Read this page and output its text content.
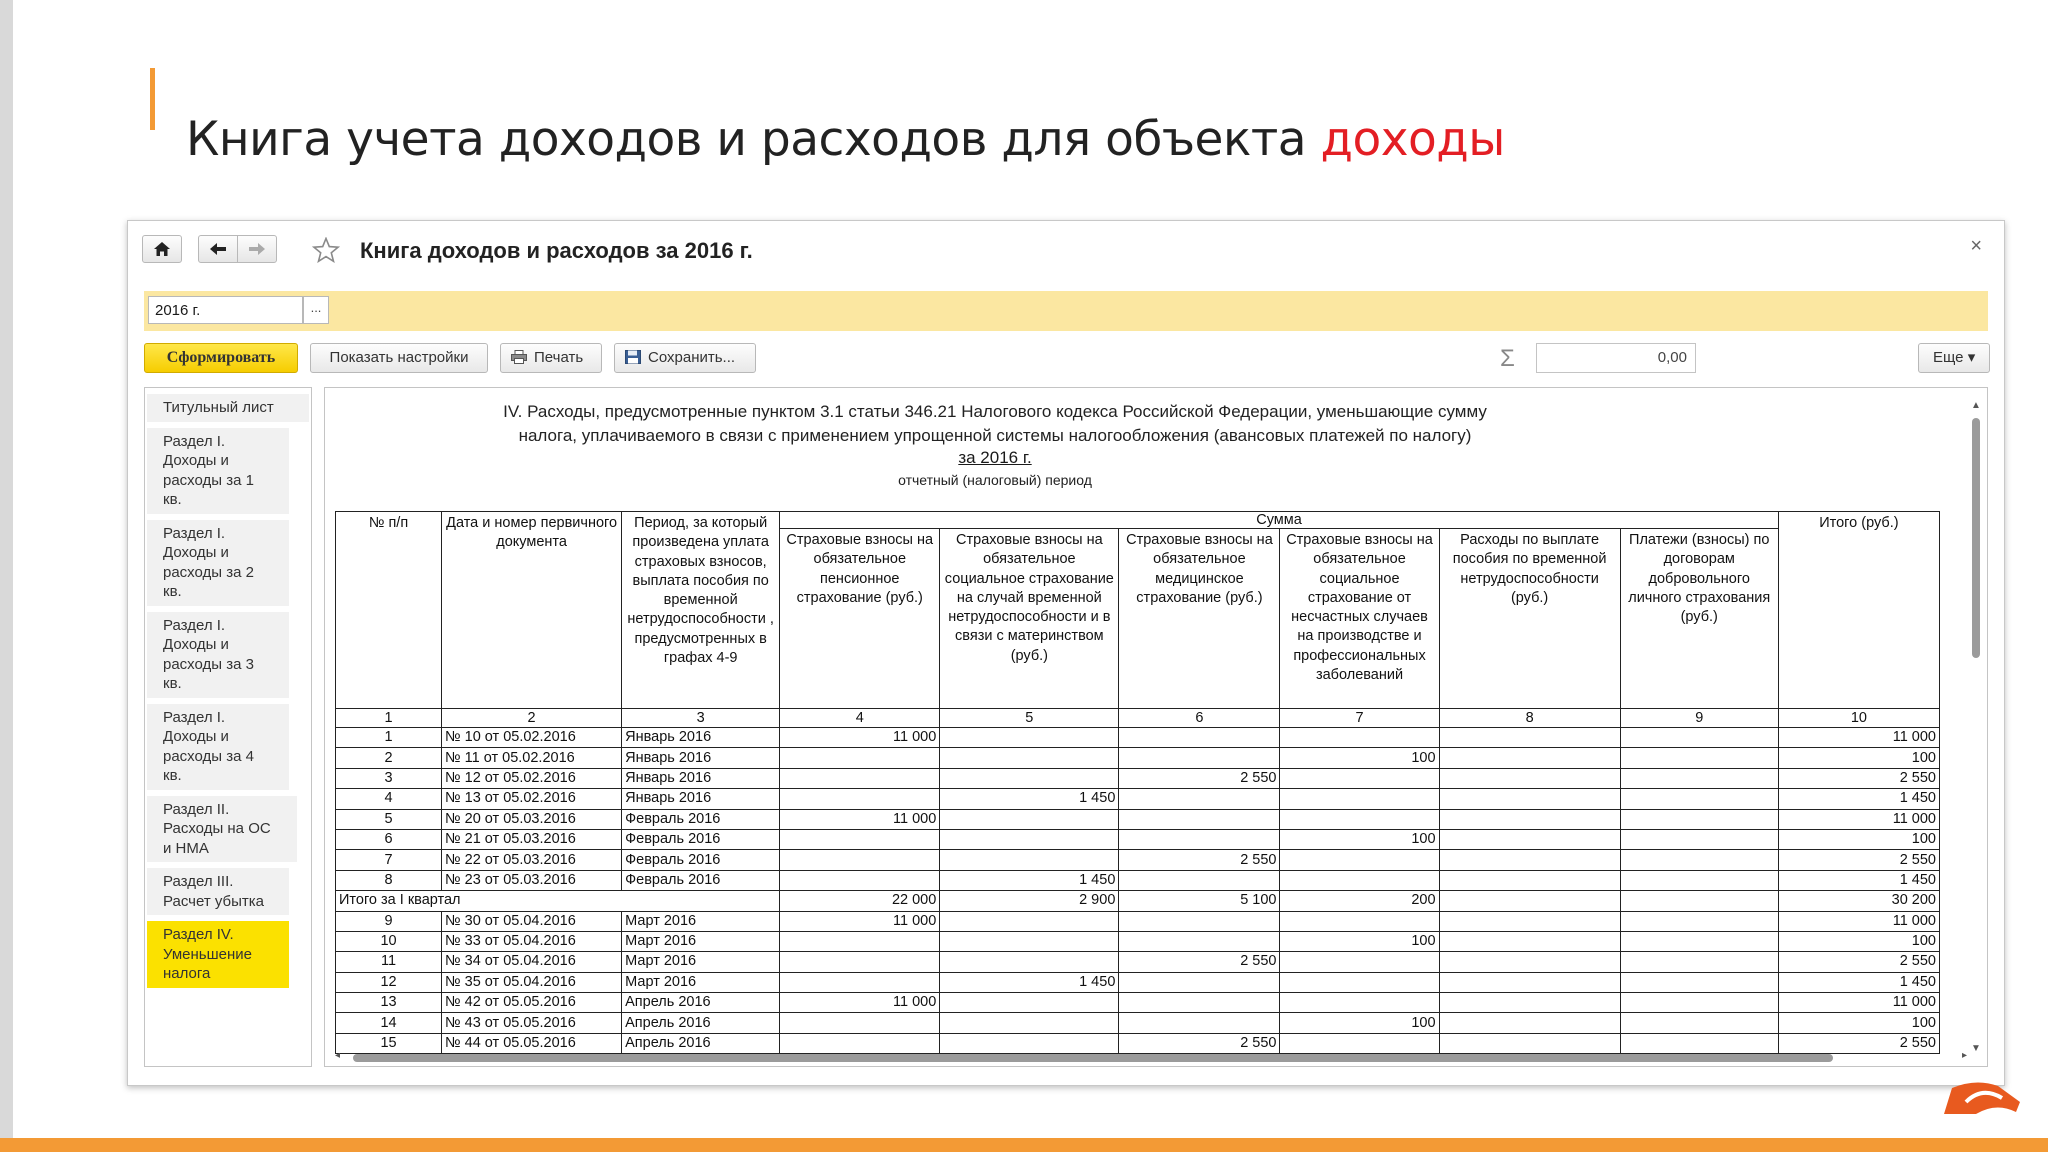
Книга учета доходов и расходов для объекта доходы
Книга доходов и расходов за 2016 г.	×
2016 г.	...
Сформировать	Показать настройки	Печать	Сохранить...	Σ	0,00	Еще ▾
Титульный лист
Раздел I. Доходы и расходы за 1 кв.
Раздел I. Доходы и расходы за 2 кв.
Раздел I. Доходы и расходы за 3 кв.
Раздел I. Доходы и расходы за 4 кв.
Раздел II. Расходы на ОС и НМА
Раздел III. Расчет убытка
Раздел IV. Уменьшение налога
IV. Расходы, предусмотренные пунктом 3.1 статьи 346.21 Налогового кодекса Российской Федерации, уменьшающие сумму
налога, уплачиваемого в связи с применением упрощенной системы налогообложения (авансовых платежей по налогу)
за 2016 г.
отчетный (налоговый) период
№ п/п	Дата и номер первичного документа	Период, за который произведена уплата страховых взносов, выплата пособия по временной нетрудоспособности , предусмотренных в графах 4-9	Сумма						Итого (руб.)
			Страховые взносы на обязательное пенсионное страхование (руб.)	Страховые взносы на обязательное социальное страхование на случай временной нетрудоспособности и в связи с материнством (руб.)	Страховые взносы на обязательное медицинское страхование (руб.)	Страховые взносы на обязательное социальное страхование от несчастных случаев на производстве и профессиональных заболеваний	Расходы по выплате пособия по временной нетрудоспособности (руб.)	Платежи (взносы) по договорам добровольного личного страхования (руб.)	
1	2	3	4	5	6	7	8	9	10
1	№ 10 от 05.02.2016	Январь 2016	11 000						11 000
2	№ 11 от 05.02.2016	Январь 2016				100			100
3	№ 12 от 05.02.2016	Январь 2016			2 550				2 550
4	№ 13 от 05.02.2016	Январь 2016		1 450					1 450
5	№ 20 от 05.03.2016	Февраль 2016	11 000						11 000
6	№ 21 от 05.03.2016	Февраль 2016				100			100
7	№ 22 от 05.03.2016	Февраль 2016			2 550				2 550
8	№ 23 от 05.03.2016	Февраль 2016		1 450					1 450
Итого за I квартал			22 000	2 900	5 100	200			30 200
9	№ 30 от 05.04.2016	Март 2016	11 000						11 000
10	№ 33 от 05.04.2016	Март 2016				100			100
11	№ 34 от 05.04.2016	Март 2016			2 550				2 550
12	№ 35 от 05.04.2016	Март 2016		1 450					1 450
13	№ 42 от 05.05.2016	Апрель 2016	11 000						11 000
14	№ 43 от 05.05.2016	Апрель 2016				100			100
15	№ 44 от 05.05.2016	Апрель 2016			2 550				2 550
▲
▼
◂	▸
